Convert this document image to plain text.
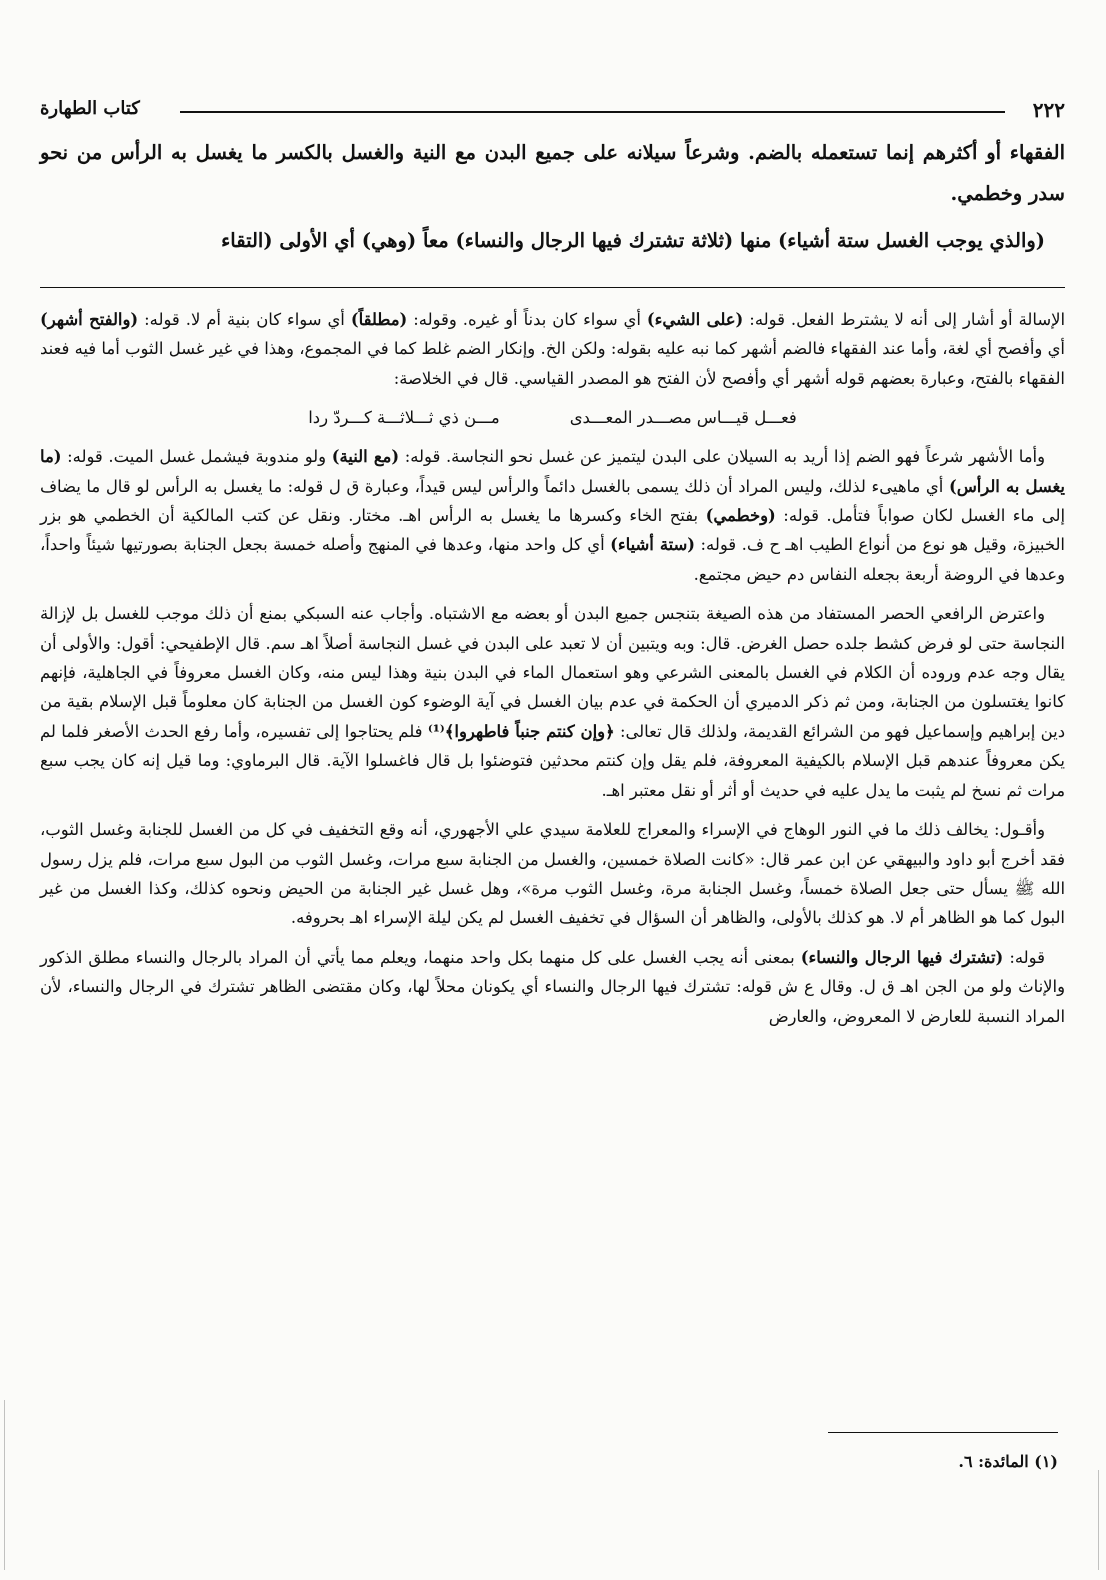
٢٢٢
كتاب الطهارة

الفقهاء أو أكثرهم إنما تستعمله بالضم. وشرعاً سيلانه على جميع البدن مع النية والغسل بالكسر ما يغسل به الرأس من نحو سدر وخطمي.

(والذي يوجب الغسل ستة أشياء) منها (ثلاثة تشترك فيها الرجال والنساء) معاً (وهي) أي الأولى (التقاء

الإسالة أو أشار إلى أنه لا يشترط الفعل. قوله: (على الشيء) أي سواء كان بدناً أو غيره. وقوله: (مطلقاً) أي سواء كان بنية أم لا. قوله: (والفتح أشهر) أي وأفصح أي لغة، وأما عند الفقهاء فالضم أشهر كما نبه عليه بقوله: ولكن الخ. وإنكار الضم غلط كما في المجموع، وهذا في غير غسل الثوب أما فيه فعند الفقهاء بالفتح، وعبارة بعضهم قوله أشهر أي وأفصح لأن الفتح هو المصدر القياسي. قال في الخلاصة:

فعـــل قيـــاس مصـــدر المعـــدى
مـــن ذي ثـــلاثـــة كـــردّ ردا

وأما الأشهر شرعاً فهو الضم إذا أريد به السيلان على البدن ليتميز عن غسل نحو النجاسة. قوله: (مع النية) ولو مندوبة فيشمل غسل الميت. قوله: (ما يغسل به الرأس) أي ماهيىء لذلك، وليس المراد أن ذلك يسمى بالغسل دائماً والرأس ليس قيداً، وعبارة ق ل قوله: ما يغسل به الرأس لو قال ما يضاف إلى ماء الغسل لكان صواباً فتأمل. قوله: (وخطمي) بفتح الخاء وكسرها ما يغسل به الرأس اهـ. مختار. ونقل عن كتب المالكية أن الخطمي هو بزر الخبيزة، وقيل هو نوع من أنواع الطيب اهـ ح ف. قوله: (ستة أشياء) أي كل واحد منها، وعدها في المنهج وأصله خمسة بجعل الجنابة بصورتيها شيئاً واحداً، وعدها في الروضة أربعة بجعله النفاس دم حيض مجتمع.

واعترض الرافعي الحصر المستفاد من هذه الصيغة بتنجس جميع البدن أو بعضه مع الاشتباه. وأجاب عنه السبكي بمنع أن ذلك موجب للغسل بل لإزالة النجاسة حتى لو فرض كشط جلده حصل الغرض. قال: وبه ويتبين أن لا تعبد على البدن في غسل النجاسة أصلاً اهـ سم. قال الإطفيحي: أقول: والأولى أن يقال وجه عدم وروده أن الكلام في الغسل بالمعنى الشرعي وهو استعمال الماء في البدن بنية وهذا ليس منه، وكان الغسل معروفاً في الجاهلية، فإنهم كانوا يغتسلون من الجنابة، ومن ثم ذكر الدميري أن الحكمة في عدم بيان الغسل في آية الوضوء كون الغسل من الجنابة كان معلوماً قبل الإسلام بقية من دين إبراهيم وإسماعيل فهو من الشرائع القديمة، ولذلك قال تعالى: ﴿وإن كنتم جنباً فاطهروا﴾⁽¹⁾ فلم يحتاجوا إلى تفسيره، وأما رفع الحدث الأصغر فلما لم يكن معروفاً عندهم قبل الإسلام بالكيفية المعروفة، فلم يقل وإن كنتم محدثين فتوضئوا بل قال فاغسلوا الآية. قال البرماوي: وما قيل إنه كان يجب سبع مرات ثم نسخ لم يثبت ما يدل عليه في حديث أو أثر أو نقل معتبر اهـ.

وأقـول: يخالف ذلك ما في النور الوهاج في الإسراء والمعراج للعلامة سيدي علي الأجهوري، أنه وقع التخفيف في كل من الغسل للجنابة وغسل الثوب، فقد أخرج أبو داود والبيهقي عن ابن عمر قال: «كانت الصلاة خمسين، والغسل من الجنابة سبع مرات، وغسل الثوب من البول سبع مرات، فلم يزل رسول الله ﷺ يسأل حتى جعل الصلاة خمساً، وغسل الجنابة مرة، وغسل الثوب مرة»، وهل غسل غير الجنابة من الحيض ونحوه كذلك، وكذا الغسل من غير البول كما هو الظاهر أم لا. هو كذلك بالأولى، والظاهر أن السؤال في تخفيف الغسل لم يكن ليلة الإسراء اهـ بحروفه.

قوله: (تشترك فيها الرجال والنساء) بمعنى أنه يجب الغسل على كل منهما بكل واحد منهما، ويعلم مما يأتي أن المراد بالرجال والنساء مطلق الذكور والإناث ولو من الجن اهـ ق ل. وقال ع ش قوله: تشترك فيها الرجال والنساء أي يكونان محلاً لها، وكان مقتضى الظاهر تشترك في الرجال والنساء، لأن المراد النسبة للعارض لا المعروض، والعارض

(١) المائدة: ٦.
